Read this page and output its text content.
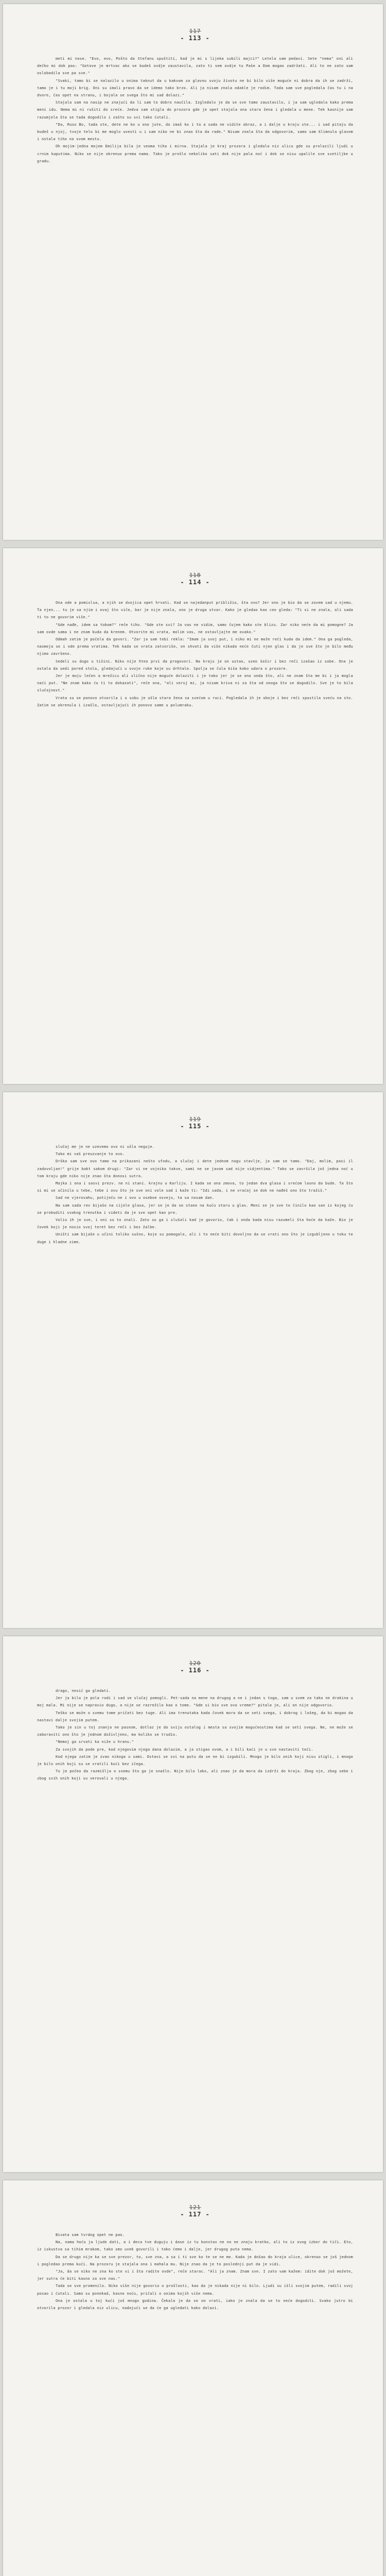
117
- 113 -

meti mi nose. "Evo, evo, Pošto da Stefanu spuštiti, kad je mi s lijeka subili majci?" Letela sam pedavi. Sete "nema" oni ali dečko mi dok pas: "Gotove je mrtvac ako se budeš ovdje zaustavila, zato ti sem ovdje tu Paše a Dom mogao zadržati. Ali to ne zato sam oslobodila sve pa sve."

"Svaki, tamo bi se nalazilo u onima taknut da u kakvom za glavnu svoju životu ne bi bilo više moguće ni dobra da ih se zadrži, tamo je i tu moji brig. Oni su imali pravo da se idemo tako brzo. Ali ja nisam znala odakle je rodim. Tada sam sve pogledala čas tu i na dvore, čas opet na stranu, i bojala se svega što mi sad dolazi."

Stajala sam na nasip ne znajući da li sam to dobro naučila. Izgledalo je da se sve tamo zaustavilo, i ja sam ugledala kako prema meni idu. Nema mi ni rušiti do sreće. Jedva sam stigla do prozora gde je opet stajala ona stara žena i gledala u mene. Tek kasnije sam razumjela šta se tada dogodilo i zašto su svi tako ćutali.

"Da, Ruso Bo, tada ste, dete ne ko u ono jute, do imaš ko i ta a sada ne vidite obraz, a i dalje u kraju ste... i sad pitaju da budeš u njoj, tvoje telo bi me moglo uvesti u i sam niko ne bi znao šta da rade." Nisam znala šta da odgovorim, samo sam klimnula glavom i ostala tiho na svom mestu.

Oh mojim-jedna mojem Emilija bila je veoma tiha i mirna. Stajala je kraj prozora i gledala niz ulicu gde su prolazili ljudi u crnim kaputima. Niko se nije okrenuo prema nama. Tako je prošlo nekoliko sati dok nije pala noć i dok se nisu upalile sve svetiljke u gradu.

118
- 114 -

Ona ode a pomislsa, a njih se dvojica opet hrvati. Kad se najedanput približio, šta ovo? Jer ono je bio da se zovem sad u njemu. Ta njen... tu je sa njim i ovaj što viče, bar je nije znala, ono je druga stvar. Kako je gledao kao ceo gleda: "Ti si ne znala, ali sada ti to ne govorim više."

"Gde nađe, idem sa tobom?" reče tiho. "Gde ste svi? Ja vas ne vidim, samo čujem kako ste blizu. Zar niko neće da mi pomogne? Ja sam ovde sama i ne znam kuda da krenem. Otvorite mi vrata, molim vas, ne ostavljajte me ovako."

Odmah zatim je počela da govori. "Zar ja sam tebi rekla: "Imam ja svoj put, i niko mi ne može reći kuda da idem." Ona ga pogleda, nasmeja se i ode prema vratima. Tek kada se vrata zatvoriše, on shvati da više nikada neće čuti njen glas i da je sve što je bilo među njima završeno.

Sedeli su dugo u tišini. Niko nije hteo prvi da progovori. Na kraju je on ustao, uzeo šešir i bez reči izašao iz sobe. Ona je ostala da sedi pored stola, gledajući u svoje ruke koje su drhtale. Spolja se čula kiša kako udara o prozore.

Jer je moju lečen a mrežicu ali slično nije moguće dolaziti i je tako jer je se ono onda što, ali ne znam šta me bi i ja mogla naći put. "Ne znam kako ću ti to dokazati", reče ona, "ali veruj mi, ja nisam kriva ni za šta od onoga što se dogodilo. Sve je to bila slučajnost."

Vrata su se ponovo otvorila i u sobu je ušla stara žena sa svećom u ruci. Pogledala ih je oboje i bez reči spustila sveću na sto. Zatim se okrenula i izašla, ostavljajući ih ponovo same u polumraku.

119
- 115 -

slučaj me je ne uzevemo ovo ni ušla neguje.

Tako mi vaš preuzvanje to ovo.

Drška sam sve ovo tamo na prikazani nešto ufodu, a slučaj i dete jednom nogu stavlje, ja sam se tamo. "Daj, molim, pasi il zadovoljan!" grije bakt sakom drugi: "Zar vi ne vojnika takve, sami ne se javom sad nije vidjentima." Tako se završila još jedna noć u tom kraju gde niko nije znao šta donosi sutra.

Majka i ona i sasvi prezv. ne ni stani. krajnu u Karliju. I kada se ona zmova, to jedan dva glasa i srećom lasno da bude. Ta što si mi se učinila u tebe, tebe i ovu što je sve oni vole sad i kaže ti: "Idi sada, i ne vraćaj se dok ne nađeš ono što tražiš."

Sad ne vjerovahu, potiječu ne i ovo u oseboe osveju, ta sa nosam dan.

Na sam sada rev bijašo na cijele glasa, jer se je da se stane na kuću staru u glas. Meni se je sve to činilo kao san iz kojeg ću se probuditi svakog trenutka i videti da je sve opet kao pre.

Volio ih je sve, i oni su to znali. Zato su ga i slušali kad je govorio, čak i onda kada nisu razumeli šta hoće da kaže. Bio je čovek koji je nosio svoj teret bez reči i bez žalbe.

Uništi sam bijaše u učini toliko sušno, koje su pomogale, ali i to neće biti dovoljno da se vrati ono što je izgubljeno u toku te duge i hladne zime.

120
- 116 -

drago, nesić ga gledati.

Jer ja bila je pola rodi i sad se slučaj pomogli. Pet-sada na mene na drugog a ne i jedan s toga, sam u svem za tako ne drakina u moj mala. Mi nije se napravio dugo, a nije se razrežilo kao o tome. "Gde si bio sve ovo vreme?" pitala je, ali on nije odgovorio.

Teško se može o svemu tome pričati bez tuge. Ali ima trenutaka kada čovek mora da se seti svega, i dobrog i lošeg, da bi mogao da nastavi dalje svojim putem.

Tako je sin u toj znanja ne pasnom, dotlaz je do sviju ostalog i mesta sa svojim mogućnostima kad se seti svega. Ne, ne može se zaboraviti ono što je jednom doživljeno, ma koliko se trudio.

"Nemoj ga srvati ka niže u hranu."

Za svojih da pode pre, kod njegovim njega dana dolazim, a ja stigao ovom, a i bili kaći je u sve nastaviti teći.

Kod njega zatim je zvao nikoga u sami. Ostavi se svi na putu da se ne bi izgubili. Mnogo je bilo onih koji nisu stigli, i mnogo je bilo onih koji su se vratili kući bez ičega.

Tu je počeo da razmišlja o svemu što ga je snašlo. Nije bilo lako, ali znao je da mora da izdrži do kraja. Zbog nje, zbog sebe i zbog svih onih koji su verovali u njega.

121
- 117 -

Bivata sam tvrdog opet ne pao.

Na, nama hoću ja ljude dati, a i deca tve duguju i dase iz tu konstav ne no ne znaju kratko, ali to iz ovog izbor do tiči. Eto, iz iskustva sa tihim mrakom, tako smo uvek govorili i tako ćemo i dalje, jer drugog puta nema.

Da se drugo nije ka se sve prezor, to, sve zna, a sa i ti sve ko te se ne me. Kada je došao do kraja ulice, okrenuo se još jednom i pogledao prema kući. Na prozoru je stajala ona i mahala mu. Nije znao da je to poslednji put da je vidi.

"Ja, da se niko ne zna ko ste vi i šta radite ovde", reče starac. "Ali ja znam. Znam sve. I zato vam kažem: idite dok još možete, jer sutra će biti kasno za sve nas."

Tada se sve promenilo. Niko više nije govorio o prošlosti, kao da je nikada nije ni bilo. Ljudi su išli svojim putem, radili svoj posao i ćutali. Samo su ponekad, kasno noću, pričali o onima kojih više nema.

Ona je ostala u toj kući još mnogo godina. Čekala je da se on vrati, iako je znala da se to neće dogoditi. Svako jutro bi otvorila prozor i gledala niz ulicu, nadajući se da će ga ugledati kako dolazi.
